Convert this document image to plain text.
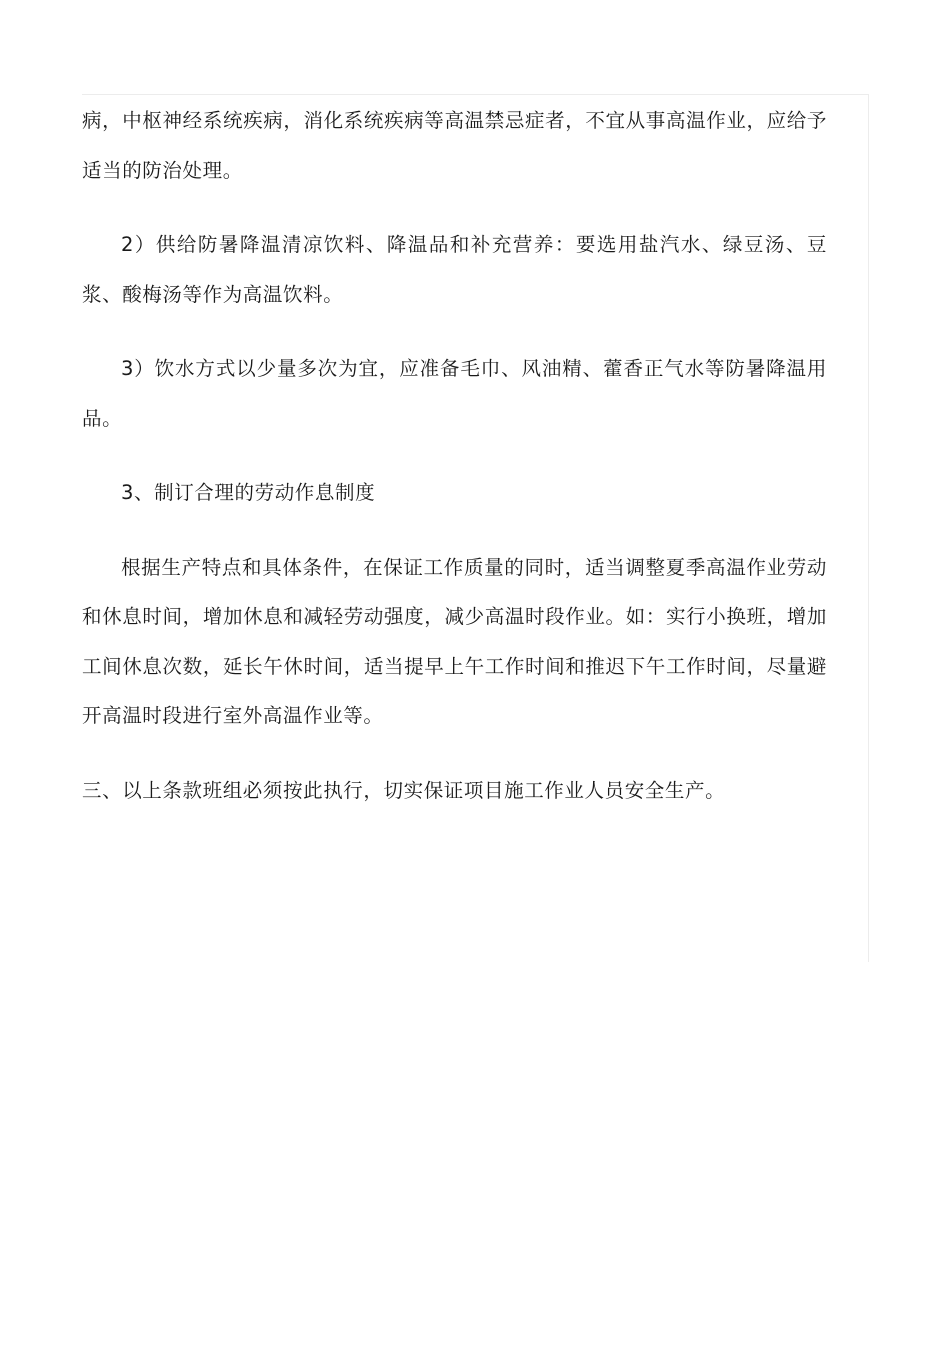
病，中枢神经系统疾病，消化系统疾病等高温禁忌症者，不宜从事高温作业，应给予适当的防治处理。

2）供给防暑降温清凉饮料、降温品和补充营养：要选用盐汽水、绿豆汤、豆浆、酸梅汤等作为高温饮料。

3）饮水方式以少量多次为宜，应准备毛巾、风油精、藿香正气水等防暑降温用品。

3、制订合理的劳动作息制度

根据生产特点和具体条件，在保证工作质量的同时，适当调整夏季高温作业劳动和休息时间，增加休息和减轻劳动强度，减少高温时段作业。如：实行小换班，增加工间休息次数，延长午休时间，适当提早上午工作时间和推迟下午工作时间，尽量避开高温时段进行室外高温作业等。

三、以上条款班组必须按此执行，切实保证项目施工作业人员安全生产。
